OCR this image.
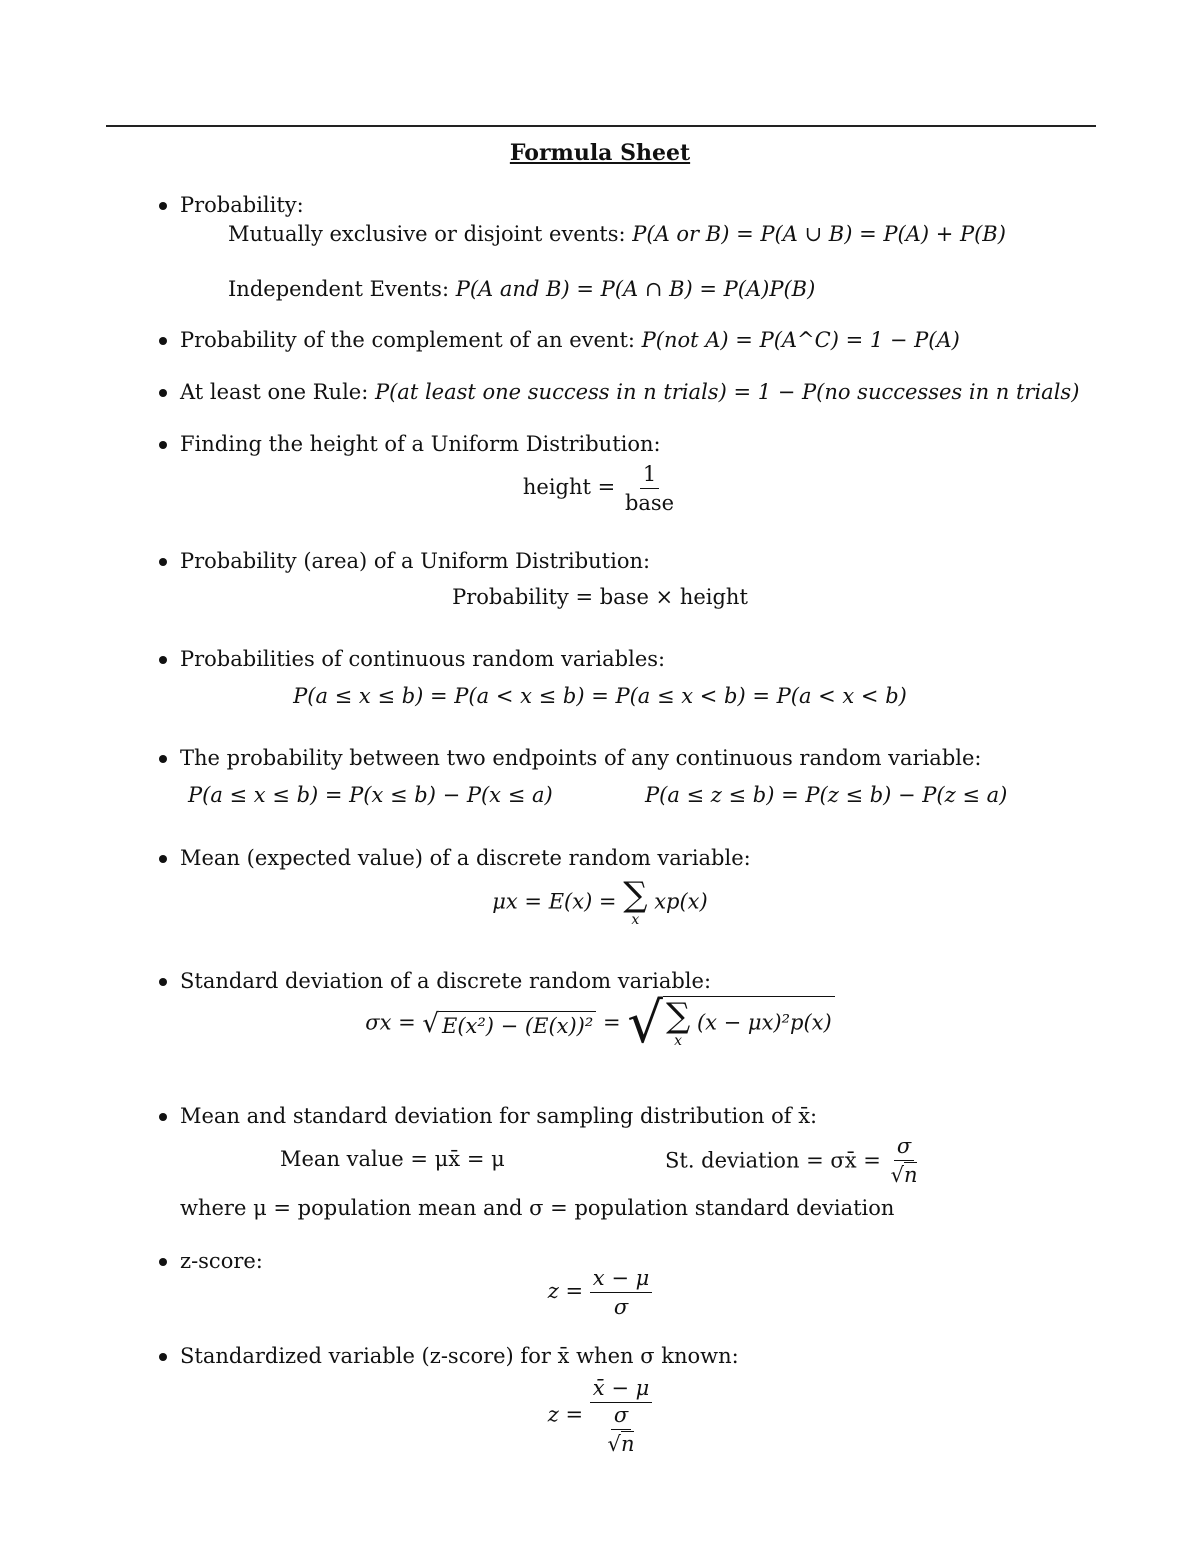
Formula Sheet
Probability:
Mutually exclusive or disjoint events: P(A or B) = P(A ∪ B) = P(A) + P(B)
Independent Events: P(A and B) = P(A ∩ B) = P(A)P(B)
Probability of the complement of an event: P(not A) = P(A^C) = 1 − P(A)
At least one Rule: P(at least one success in n trials) = 1 − P(no successes in n trials)
Finding the height of a Uniform Distribution:
height = $\frac{1}{\text{base}}$
Probability (area) of a Uniform Distribution:
Probability = base × height
Probabilities of continuous random variables:
P(a ≤ x ≤ b) = P(a < x ≤ b) = P(a ≤ x < b) = P(a < x < b)
The probability between two endpoints of any continuous random variable:
P(a ≤ x ≤ b) = P(x ≤ b) − P(x ≤ a)	P(a ≤ z ≤ b) = P(z ≤ b) − P(z ≤ a)
Mean (expected value) of a discrete random variable:
μx = E(x) = ∑
x
xp(x)
Standard deviation of a discrete random variable:
σx = √ E(x²) − (E(x))² = √ ∑
x
(x − μx)²p(x)
Mean and standard deviation for sampling distribution of x̄:
Mean value = μx̄ = μ	St. deviation = σx̄ = $\frac{\sigma}{√n}$
where μ = population mean and σ = population standard deviation
z-score:
$z = \frac{x - \mu}{\sigma}$
Standardized variable (z-score) for x̄ when σ known:
$z = \frac{x̄ - \mu}{\frac{\sigma}{√n}}$
